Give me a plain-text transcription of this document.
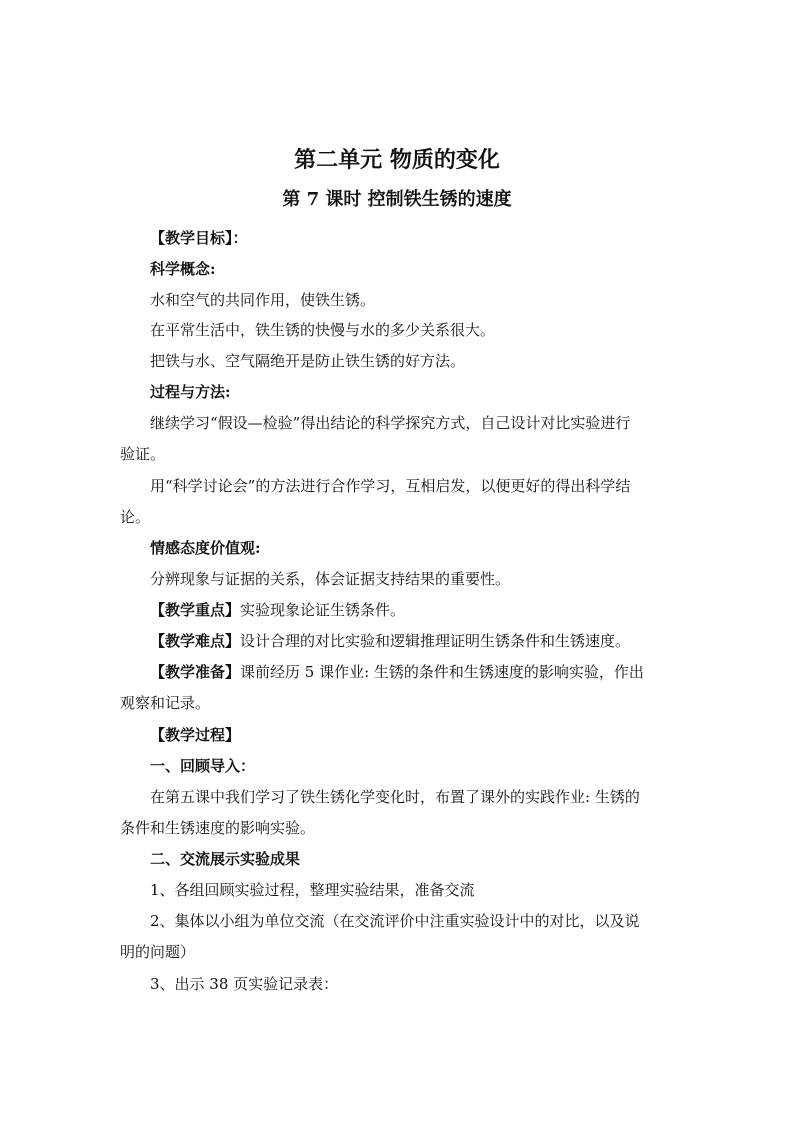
第二单元 物质的变化
第 7 课时 控制铁生锈的速度
【教学目标】：
科学概念:
水和空气的共同作用，使铁生锈。
在平常生活中，铁生锈的快慢与水的多少关系很大。
把铁与水、空气隔绝开是防止铁生锈的好方法。
过程与方法:
继续学习“假设—检验”得出结论的科学探究方式，自己设计对比实验进行
验证。
用“科学讨论会”的方法进行合作学习，互相启发，以便更好的得出科学结
论。
情感态度价值观:
分辨现象与证据的关系，体会证据支持结果的重要性。
【教学重点】实验现象论证生锈条件。
【教学难点】设计合理的对比实验和逻辑推理证明生锈条件和生锈速度。
【教学准备】课前经历 5 课作业: 生锈的条件和生锈速度的影响实验，作出
观察和记录。
【教学过程】
一、回顾导入：
在第五课中我们学习了铁生锈化学变化时，布置了课外的实践作业: 生锈的
条件和生锈速度的影响实验。
二、交流展示实验成果
1、各组回顾实验过程，整理实验结果，准备交流
2、集体以小组为单位交流（在交流评价中注重实验设计中的对比，以及说
明的问题）
3、出示 38 页实验记录表：
